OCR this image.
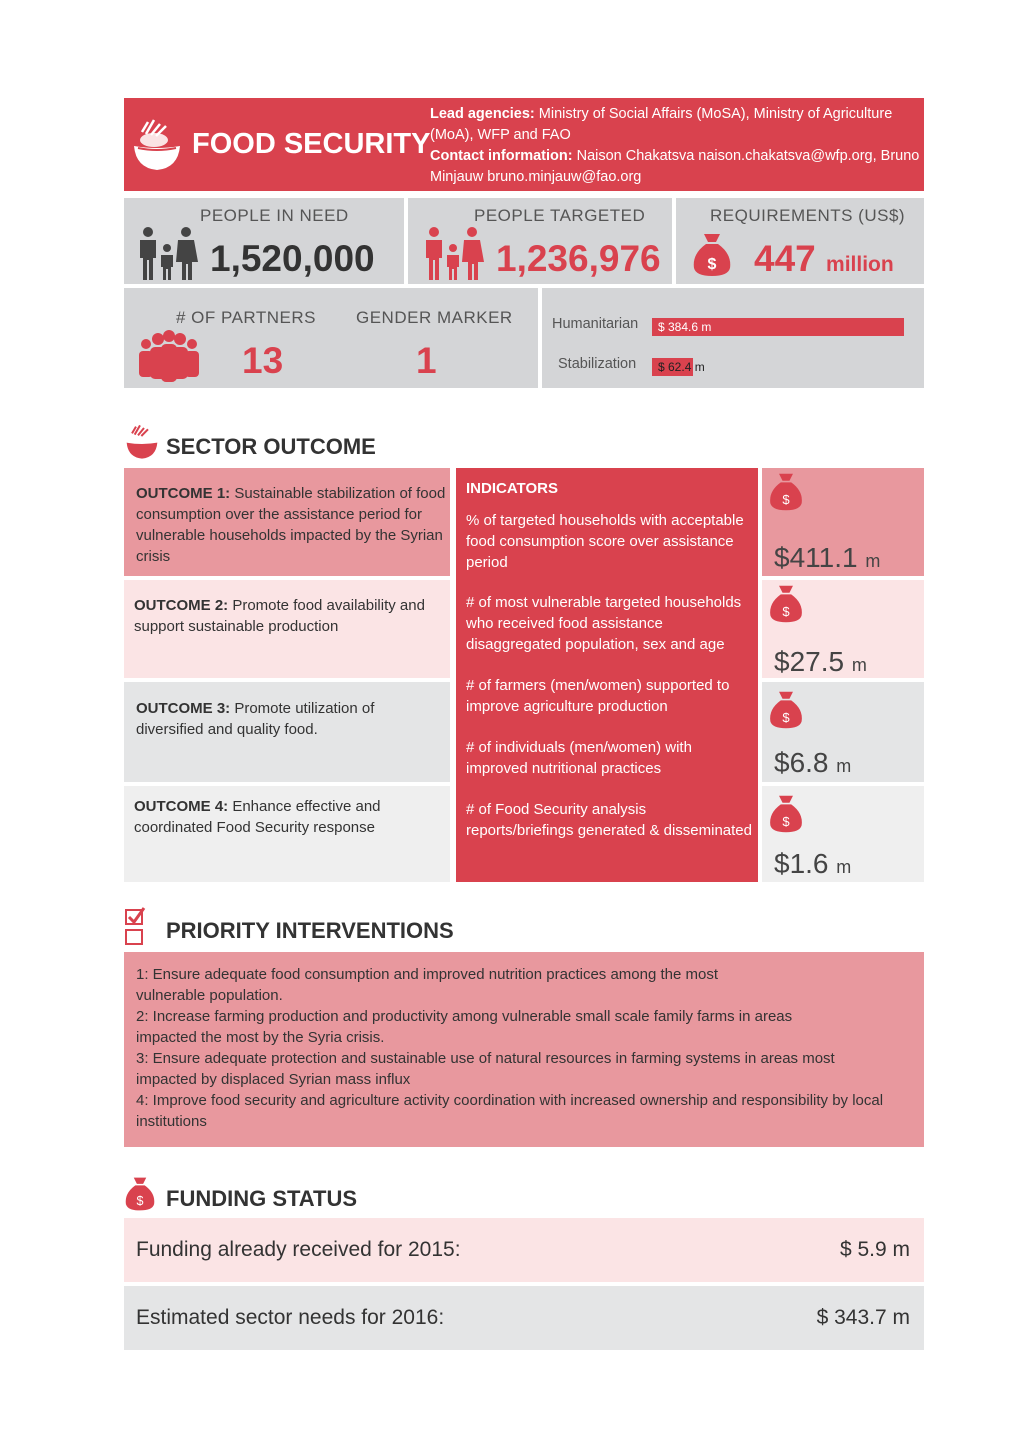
FOOD SECURITY
Lead agencies: Ministry of Social Affairs (MoSA), Ministry of Agriculture (MoA), WFP and FAO
Contact information: Naison Chakatsva naison.chakatsva@wfp.org, Bruno Minjauw bruno.minjauw@fao.org
PEOPLE IN NEED
1,520,000
PEOPLE TARGETED
1,236,976
REQUIREMENTS (US$)
$ 447 million
# OF PARTNERS
13
GENDER MARKER
1
Humanitarian $ 384.6 m
Stabilization $ 62.4 m
SECTOR OUTCOME
OUTCOME 1: Sustainable stabilization of food consumption over the assistance period for vulnerable households impacted by the Syrian crisis
OUTCOME 2: Promote food availability and support sustainable production
OUTCOME 3: Promote utilization of diversified and quality food.
OUTCOME 4: Enhance effective and coordinated Food Security response
INDICATORS
% of targeted households with acceptable food consumption score over assistance period
# of most vulnerable targeted households who received food assistance disaggregated population, sex and age
# of farmers (men/women) supported to improve agriculture production
# of individuals (men/women) with improved nutritional practices
# of Food Security analysis reports/briefings generated & disseminated
$
$
$
$
$411.1 m
$27.5 m
$6.8 m
$1.6 m
PRIORITY INTERVENTIONS
1: Ensure adequate food consumption and improved nutrition practices among the most vulnerable population.
2: Increase farming production and productivity among vulnerable small scale family farms in areas impacted the most by the Syria crisis.
3: Ensure adequate protection and sustainable use of natural resources in farming systems in areas most impacted by displaced Syrian mass influx
4: Improve food security and agriculture activity coordination with increased ownership and responsibility by local institutions
$ FUNDING STATUS
Funding already received for 2015:	$ 5.9 m
Estimated sector needs for 2016:	$ 343.7 m
